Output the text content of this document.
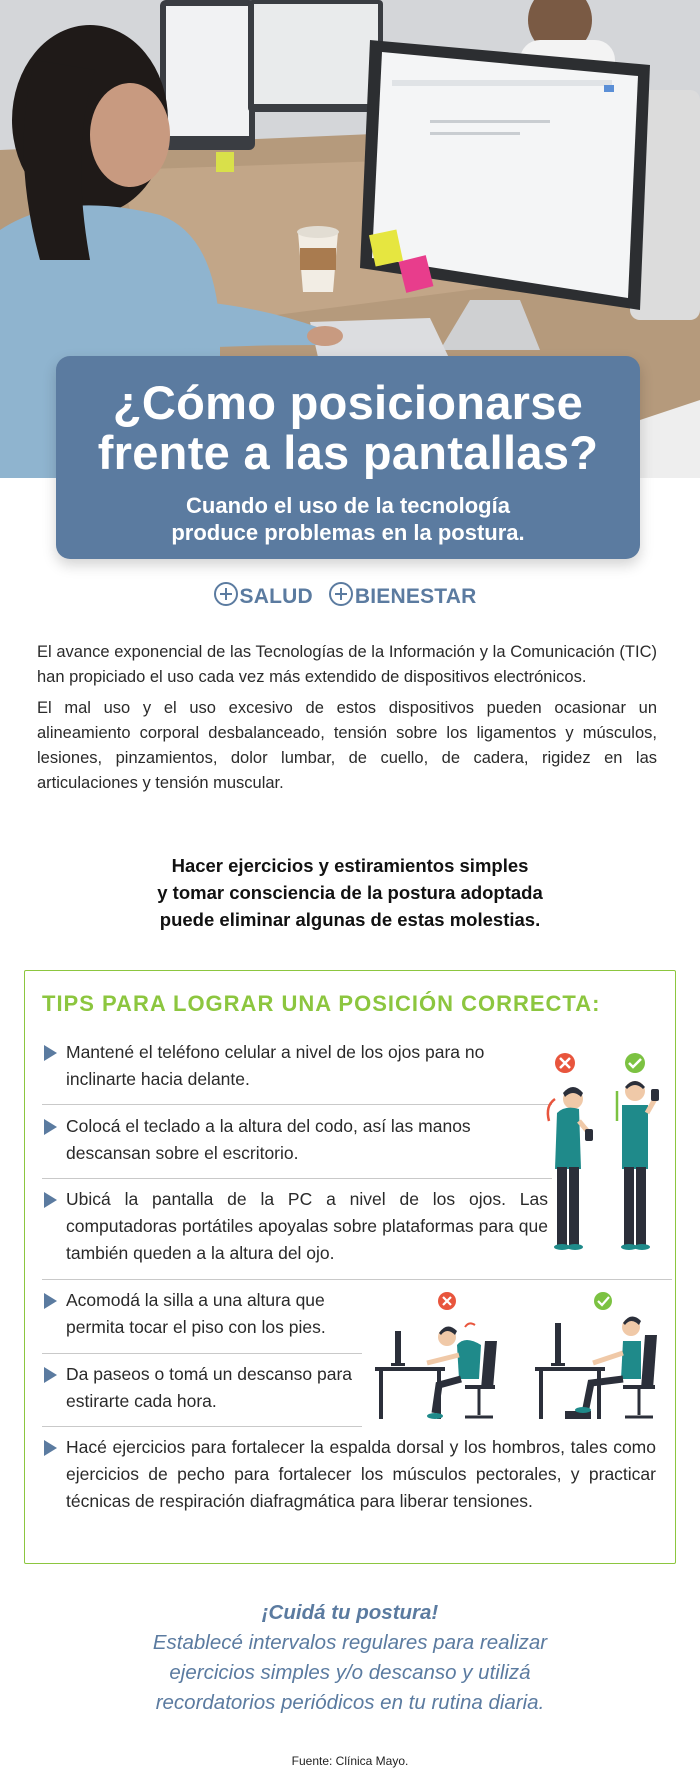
¿Cómo posicionarse
frente a las pantallas?
Cuando el uso de la tecnología
produce problemas en la postura.
SALUD BIENESTAR

El avance exponencial de las Tecnologías de la Información y la Comunicación (TIC) han propiciado el uso cada vez más extendido de dispositivos electrónicos.

El mal uso y el uso excesivo de estos dispositivos pueden ocasionar un alineamiento corporal desbalanceado, tensión sobre los ligamentos y músculos, lesiones, pinzamientos, dolor lumbar, de cuello, de cadera, rigidez en las articulaciones y tensión muscular.

Hacer ejercicios y estiramientos simples
y tomar consciencia de la postura adoptada
puede eliminar algunas de estas molestias.
TIPS PARA LOGRAR UNA POSICIÓN CORRECTA:
Mantené el teléfono celular a nivel de los ojos para no inclinarte hacia delante.
Colocá el teclado a la altura del codo, así las manos descansan sobre el escritorio.
Ubicá la pantalla de la PC a nivel de los ojos. Las computadoras portátiles apoyalas sobre plataformas para que también queden a la altura del ojo.
Acomodá la silla a una altura que permita tocar el piso con los pies.
Da paseos o tomá un descanso para estirarte cada hora.
Hacé ejercicios para fortalecer la espalda dorsal y los hombros, tales como ejercicios de pecho para fortalecer los músculos pectorales, y practicar técnicas de respiración diafragmática para liberar tensiones.
¡Cuidá tu postura!
Establecé intervalos regulares para realizar
ejercicios simples y/o descanso y utilizá
recordatorios periódicos en tu rutina diaria.
Fuente: Clínica Mayo.
